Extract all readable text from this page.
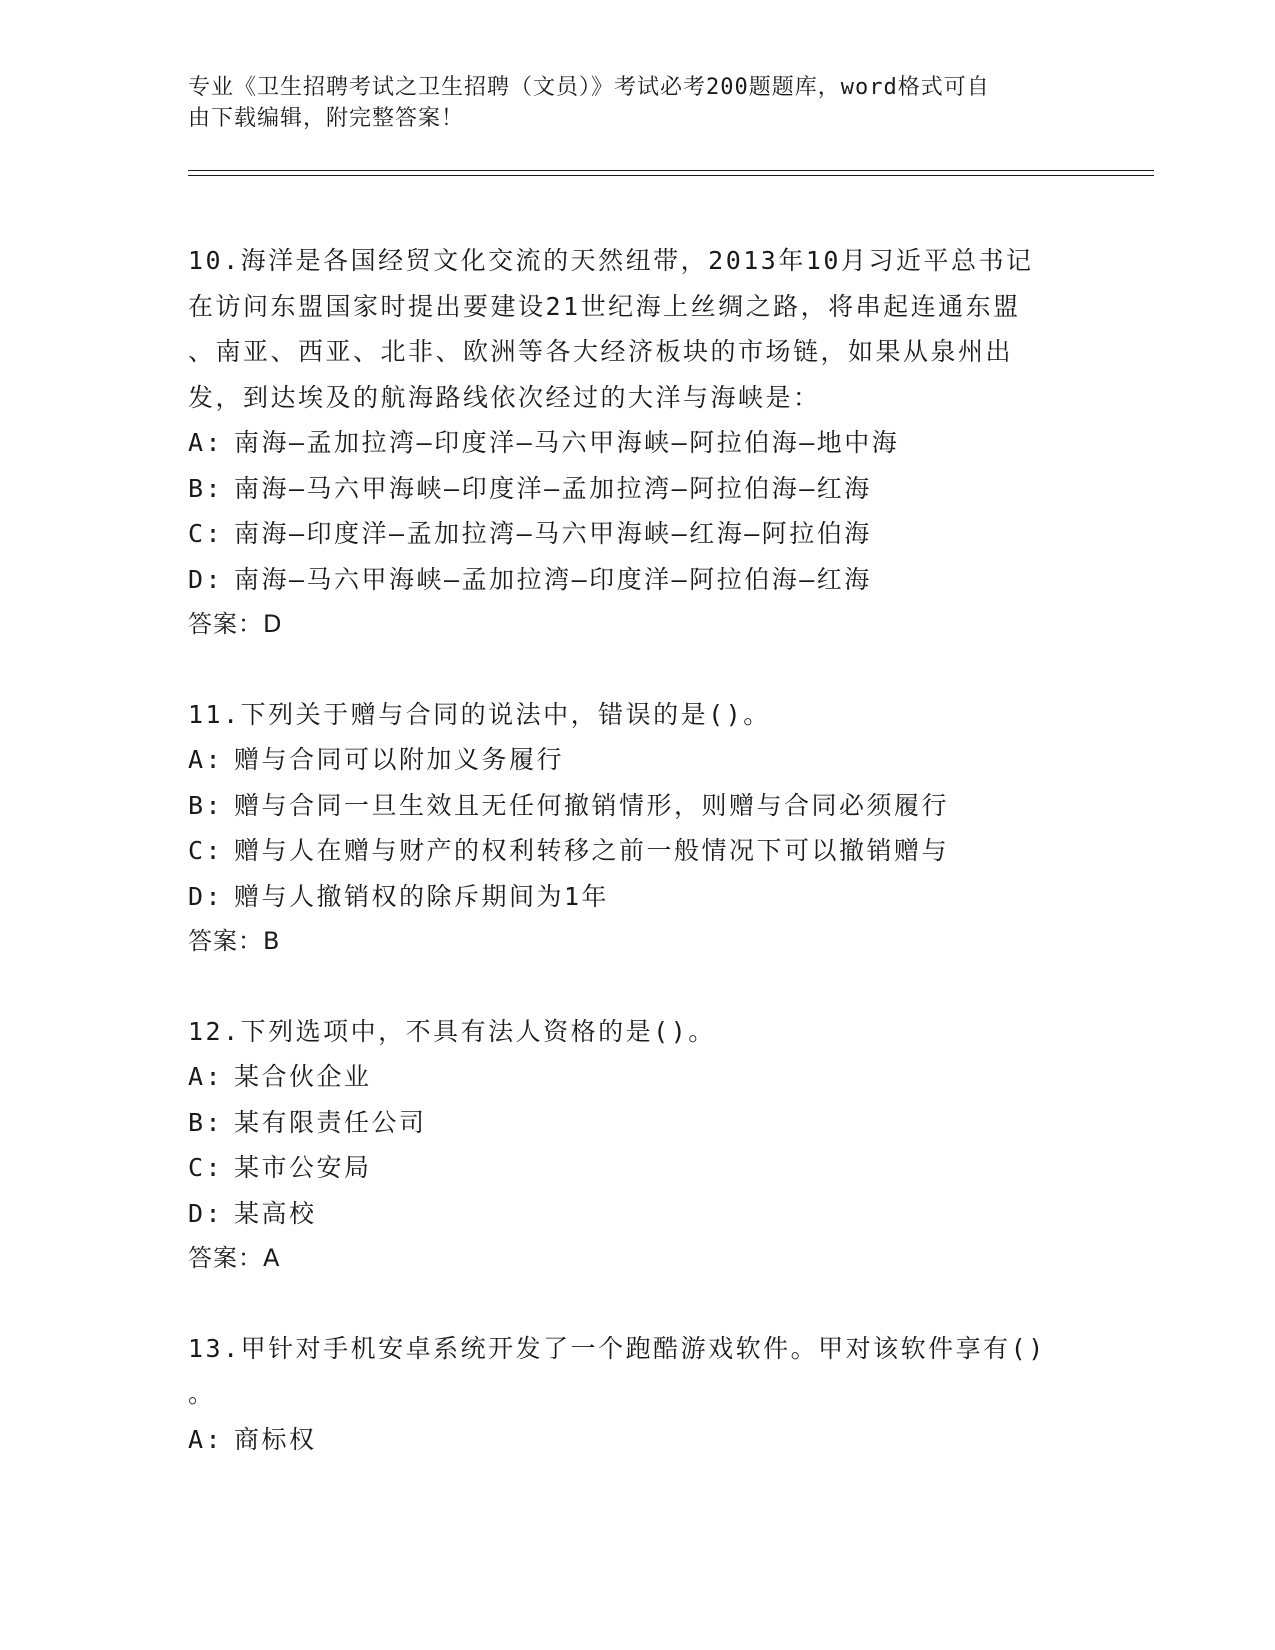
专业《卫生招聘考试之卫生招聘（文员）》考试必考200题题库，word格式可自
由下载编辑，附完整答案！
10.海洋是各国经贸文化交流的天然纽带，2013年10月习近平总书记
在访问东盟国家时提出要建设21世纪海上丝绸之路，将串起连通东盟
、南亚、西亚、北非、欧洲等各大经济板块的市场链，如果从泉州出
发，到达埃及的航海路线依次经过的大洋与海峡是：
A: 南海—孟加拉湾—印度洋—马六甲海峡—阿拉伯海—地中海
B: 南海—马六甲海峡—印度洋—孟加拉湾—阿拉伯海—红海
C: 南海—印度洋—孟加拉湾—马六甲海峡—红海—阿拉伯海
D: 南海—马六甲海峡—孟加拉湾—印度洋—阿拉伯海—红海
答案：D
11.下列关于赠与合同的说法中，错误的是()。
A: 赠与合同可以附加义务履行
B: 赠与合同一旦生效且无任何撤销情形，则赠与合同必须履行
C: 赠与人在赠与财产的权利转移之前一般情况下可以撤销赠与
D: 赠与人撤销权的除斥期间为1年
答案：B
12.下列选项中，不具有法人资格的是()。
A: 某合伙企业
B: 某有限责任公司
C: 某市公安局
D: 某高校
答案：A
13.甲针对手机安卓系统开发了一个跑酷游戏软件。甲对该软件享有()
。
A: 商标权
